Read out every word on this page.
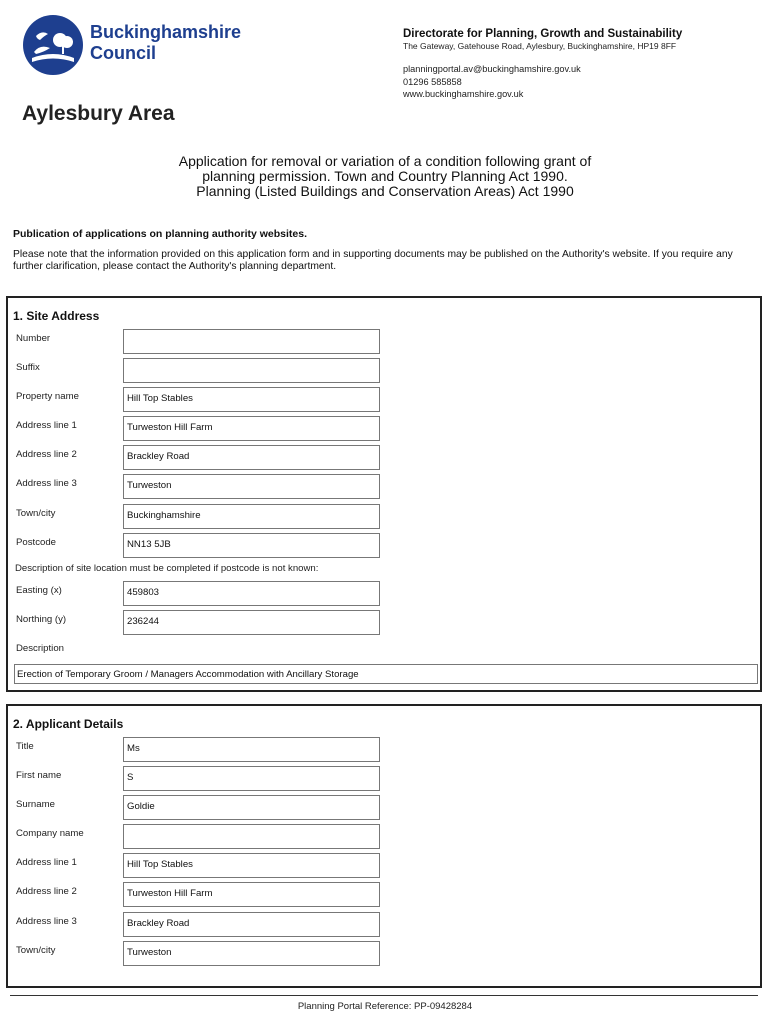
Buckinghamshire
Council

Directorate for Planning, Growth and Sustainability

The Gateway, Gatehouse Road, Aylesbury, Buckinghamshire, HP19 8FF

planningportal.av@buckinghamshire.gov.uk
01296 585858
www.buckinghamshire.gov.uk
Aylesbury Area
Application for removal or variation of a condition following grant of
planning permission. Town and Country Planning Act 1990.
Planning (Listed Buildings and Conservation Areas) Act 1990
Publication of applications on planning authority websites.
Please note that the information provided on this application form and in supporting documents may be published on the Authority's website. If you require any further clarification, please contact the Authority's planning department.
1. Site Address
Number
Suffix
Property name	Hill Top Stables
Address line 1	Turweston Hill Farm
Address line 2	Brackley Road
Address line 3	Turweston
Town/city	Buckinghamshire
Postcode	NN13 5JB
Description of site location must be completed if postcode is not known:
Easting (x)	459803
Northing (y)	236244
Description
Erection of Temporary Groom / Managers Accommodation with Ancillary Storage
2. Applicant Details
Title	Ms
First name	S
Surname	Goldie
Company name
Address line 1	Hill Top Stables
Address line 2	Turweston Hill Farm
Address line 3	Brackley Road
Town/city	Turweston
Planning Portal Reference: PP-09428284
